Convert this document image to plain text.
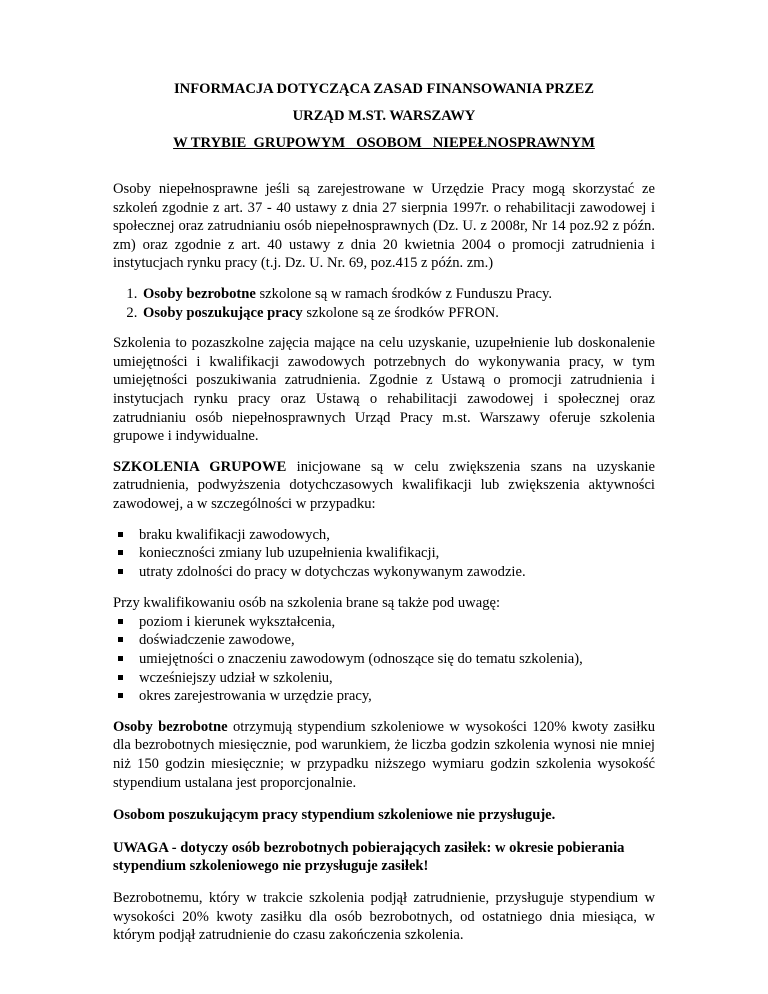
INFORMACJA DOTYCZĄCA ZASAD FINANSOWANIA PRZEZ
URZĄD M.ST. WARSZAWY
W TRYBIE  GRUPOWYM   OSOBOM   NIEPEŁNOSPRAWNYM

Osoby niepełnosprawne jeśli są zarejestrowane w Urzędzie Pracy mogą skorzystać ze szkoleń zgodnie z art. 37 - 40 ustawy z dnia 27 sierpnia 1997r. o rehabilitacji zawodowej i społecznej oraz zatrudnianiu osób niepełnosprawnych (Dz. U. z 2008r, Nr 14 poz.92 z późn. zm) oraz zgodnie z art. 40 ustawy z dnia 20 kwietnia 2004 o promocji zatrudnienia i instytucjach rynku pracy (t.j. Dz. U. Nr. 69, poz.415 z późn. zm.)

1. Osoby bezrobotne szkolone są w ramach środków z Funduszu Pracy.
2. Osoby poszukujące pracy szkolone są ze środków PFRON.

Szkolenia to pozaszkolne zajęcia mające na celu uzyskanie, uzupełnienie lub doskonalenie umiejętności i kwalifikacji zawodowych potrzebnych do wykonywania pracy, w tym umiejętności poszukiwania zatrudnienia. Zgodnie z Ustawą o promocji zatrudnienia i instytucjach rynku pracy oraz Ustawą o rehabilitacji zawodowej i społecznej oraz zatrudnianiu osób niepełnosprawnych Urząd Pracy m.st. Warszawy oferuje szkolenia grupowe i indywidualne.

SZKOLENIA GRUPOWE inicjowane są w celu zwiększenia szans na uzyskanie zatrudnienia, podwyższenia dotychczasowych kwalifikacji lub zwiększenia aktywności zawodowej, a w szczególności w przypadku:

braku kwalifikacji zawodowych,
konieczności zmiany lub uzupełnienia kwalifikacji,
utraty zdolności do pracy w dotychczas wykonywanym zawodzie.

Przy kwalifikowaniu osób na szkolenia brane są także pod uwagę:

poziom i kierunek wykształcenia,
doświadczenie zawodowe,
umiejętności o znaczeniu zawodowym (odnoszące się do tematu szkolenia),
wcześniejszy udział w szkoleniu,
okres zarejestrowania w urzędzie pracy,

Osoby bezrobotne otrzymują stypendium szkoleniowe w wysokości 120% kwoty zasiłku dla bezrobotnych miesięcznie, pod warunkiem, że liczba godzin szkolenia wynosi nie mniej niż 150 godzin miesięcznie; w przypadku niższego wymiaru godzin szkolenia wysokość stypendium ustalana jest proporcjonalnie.

Osobom poszukującym pracy stypendium szkoleniowe nie przysługuje.

UWAGA - dotyczy osób bezrobotnych pobierających zasiłek: w okresie pobierania stypendium szkoleniowego nie przysługuje zasiłek!

Bezrobotnemu, który w trakcie szkolenia podjął zatrudnienie, przysługuje stypendium w wysokości 20% kwoty zasiłku dla osób bezrobotnych, od ostatniego dnia miesiąca, w którym podjął zatrudnienie do czasu zakończenia szkolenia.
